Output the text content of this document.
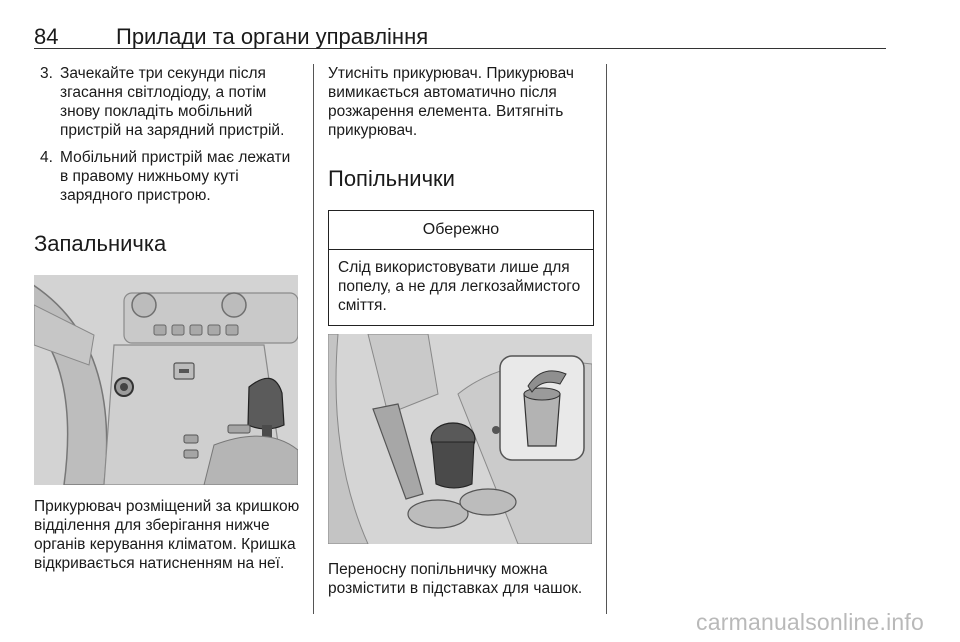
84	Прилади та органи управління
3. Зачекайте три секунди після згасання світлодіоду, а потім знову покладіть мобільний пристрій на зарядний пристрій.
4. Мобільний пристрій має лежати в правому нижньому куті зарядного пристрою.
Запальничка

Прикурювач розміщений за кришкою відділення для зберігання нижче органів керування кліматом. Кришка відкривається натисненням на неї.

Утисніть прикурювач. Прикурювач вимикається автоматично після розжарення елемента. Витягніть прикурювач.

Попільнички
Обережно
Слід використовувати лише для попелу, а не для легкозаймистого сміття.

Переносну попільничку можна розмістити в підставках для чашок.

carmanualsonline.info
